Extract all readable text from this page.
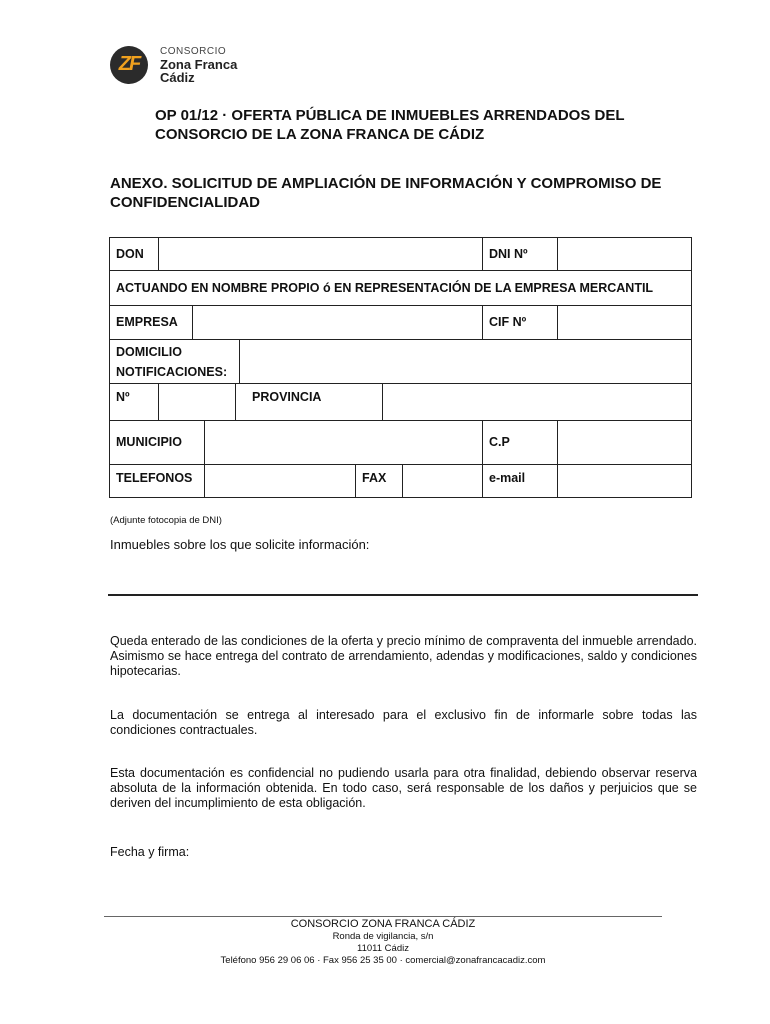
ZF
CONSORCIO
Zona Franca
Cádiz
OP 01/12 · OFERTA PÚBLICA DE INMUEBLES ARRENDADOS DEL CONSORCIO DE LA ZONA FRANCA DE CÁDIZ
ANEXO. SOLICITUD DE AMPLIACIÓN DE INFORMACIÓN Y COMPROMISO DE CONFIDENCIALIDAD
DON	DNI Nº
ACTUANDO EN NOMBRE PROPIO ó EN REPRESENTACIÓN DE LA EMPRESA MERCANTIL
EMPRESA	CIF Nº
DOMICILIO
NOTIFICACIONES:
Nº	PROVINCIA
MUNICIPIO	C.P
TELEFONOS	FAX	e-mail
(Adjunte fotocopia de DNI)
Inmuebles sobre los que solicite información:
Queda enterado de las condiciones de la oferta y precio mínimo de compraventa del inmueble arrendado. Asimismo se hace entrega del contrato de arrendamiento, adendas y modificaciones, saldo y condiciones hipotecarias.
La documentación se entrega al interesado para el exclusivo fin de informarle sobre todas las condiciones contractuales.
Esta documentación es confidencial no pudiendo usarla para otra finalidad, debiendo observar reserva absoluta de la información obtenida. En todo caso, será responsable de los daños y perjuicios que se deriven del incumplimiento de esta obligación.
Fecha y firma:
CONSORCIO ZONA FRANCA CÁDIZ
Ronda de vigilancia, s/n
11011 Cádiz
Teléfono 956 29 06 06 · Fax 956 25 35 00 · comercial@zonafrancacadiz.com
